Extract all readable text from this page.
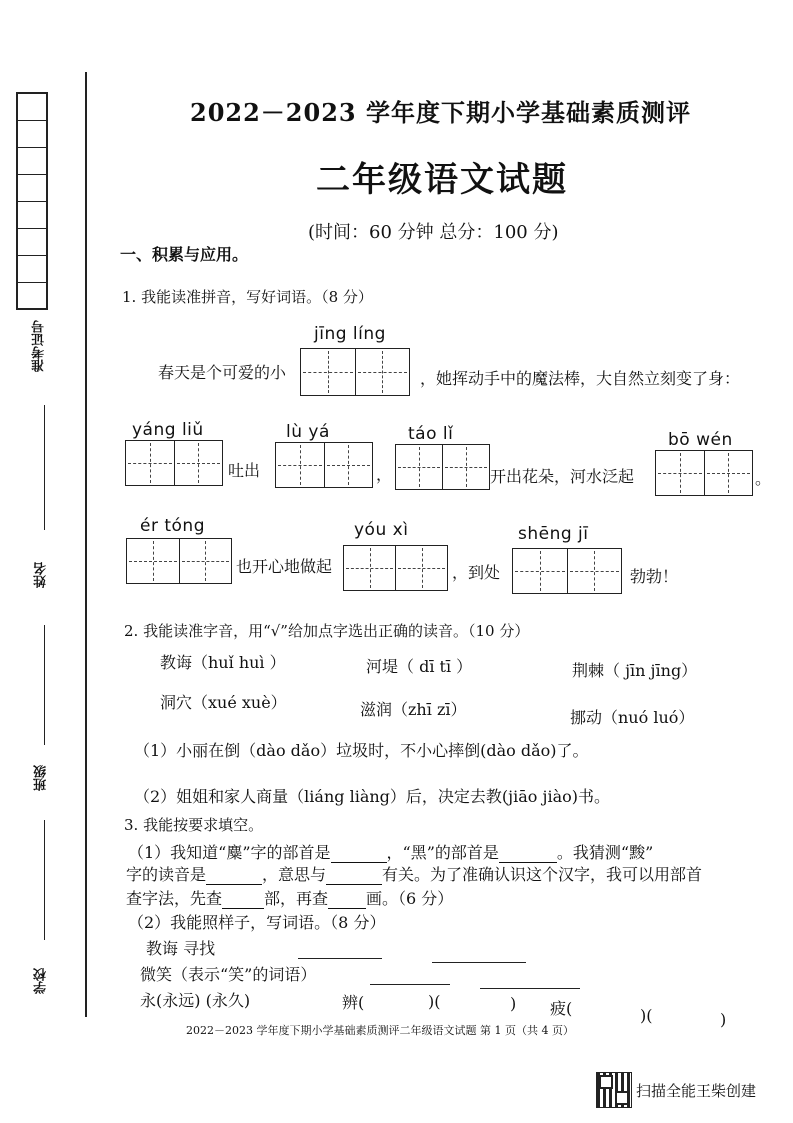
准考证号
姓名
班级
学校
2022－2023 学年度下期小学基础素质测评
二年级语文试题
(时间：60 分钟 总分：100 分)
一、积累与应用。
1. 我能读准拼音，写好词语。（8 分）
jīng líng
春天是个可爱的小	，她挥动手中的魔法棒，大自然立刻变了身：
yáng liǔ
吐出
lù yá
，
táo lǐ
开出花朵，河水泛起
bō wén
。
ér tóng
也开心地做起
yóu xì
，到处
shēng jī
勃勃！
2. 我能读准字音，用“√”给加点字选出正确的读音。（10 分）
教诲（huǐ huì ）	河堤（ dī tī ）	荆棘（ jīn jīng）
洞穴（xué xuè）	滋润（zhī zī）	挪动（nuó luó）
（1）小丽在倒（dào dǎo）垃圾时，不小心摔倒(dào dǎo)了。
（2）姐姐和家人商量（liáng liàng）后，决定去教(jiāo jiào)书。
3. 我能按要求填空。
（1）我知道“麋”字的部首是	，“黑”的部首是	。我猜测“黢”
字的读音是	，意思与	有关。为了准确认识这个汉字，我可以用部首
查字法，先查	部，再查 画。（6 分）
（2）我能照样子，写词语。（8 分）
教诲 寻找
微笑（表示“笑”的词语）
永(永远) (永久)	辨(	)(	) 疲(	)(	)
2022－2023 学年度下期小学基础素质测评二年级语文试题 第 1 页（共 4 页）
扫描全能王柴创建
